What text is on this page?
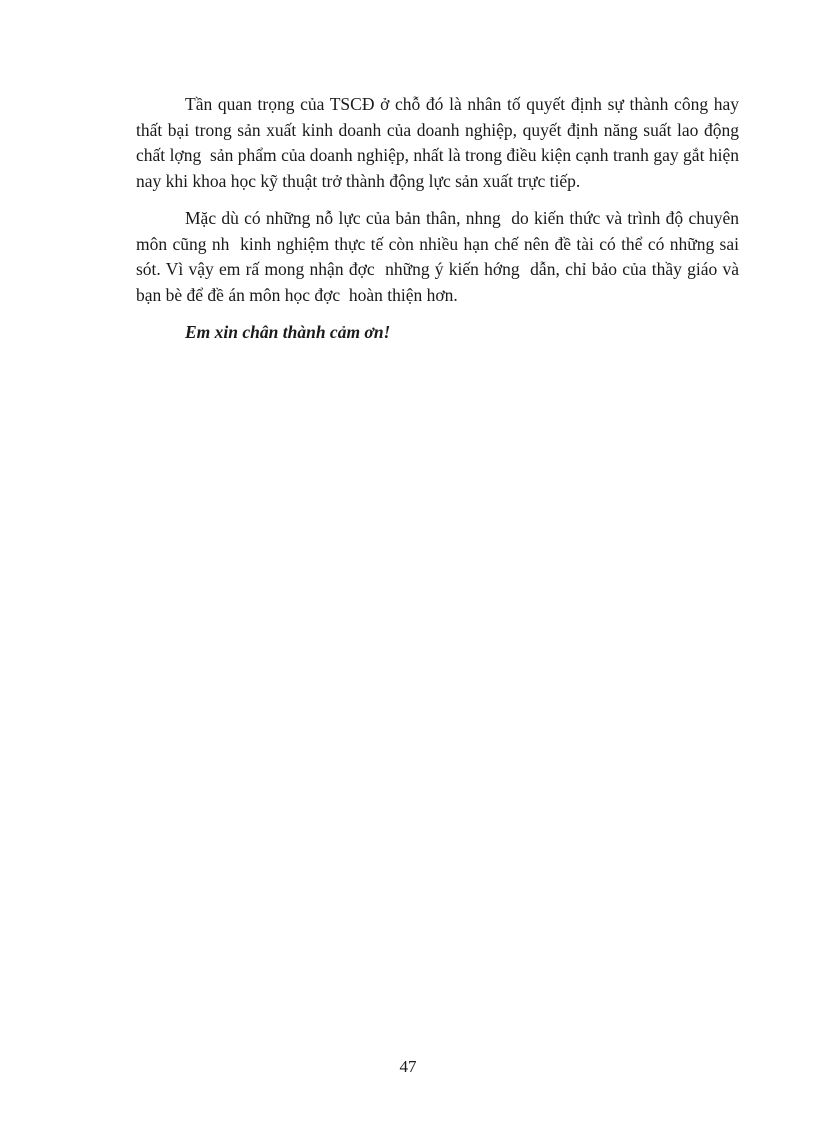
Tần quan trọng của TSCĐ ở chỗ đó là nhân tố quyết định sự thành công hay thất bại trong sản xuất kinh doanh của doanh nghiệp, quyết định năng suất lao động chất lợng  sản phẩm của doanh nghiệp, nhất là trong điều kiện cạnh tranh gay gắt hiện nay khi khoa học kỹ thuật trở thành động lực sản xuất trực tiếp.

Mặc dù có những nỗ lực của bản thân, nhng  do kiến thức và trình độ chuyên môn cũng nh  kinh nghiệm thực tế còn nhiều hạn chế nên đề tài có thể có những sai sót. Vì vậy em rấ mong nhận đợc  những ý kiến hớng  dẫn, chỉ bảo của thầy giáo và bạn bè để đề án môn học đợc  hoàn thiện hơn.

Em xin chân thành cảm ơn!

47
